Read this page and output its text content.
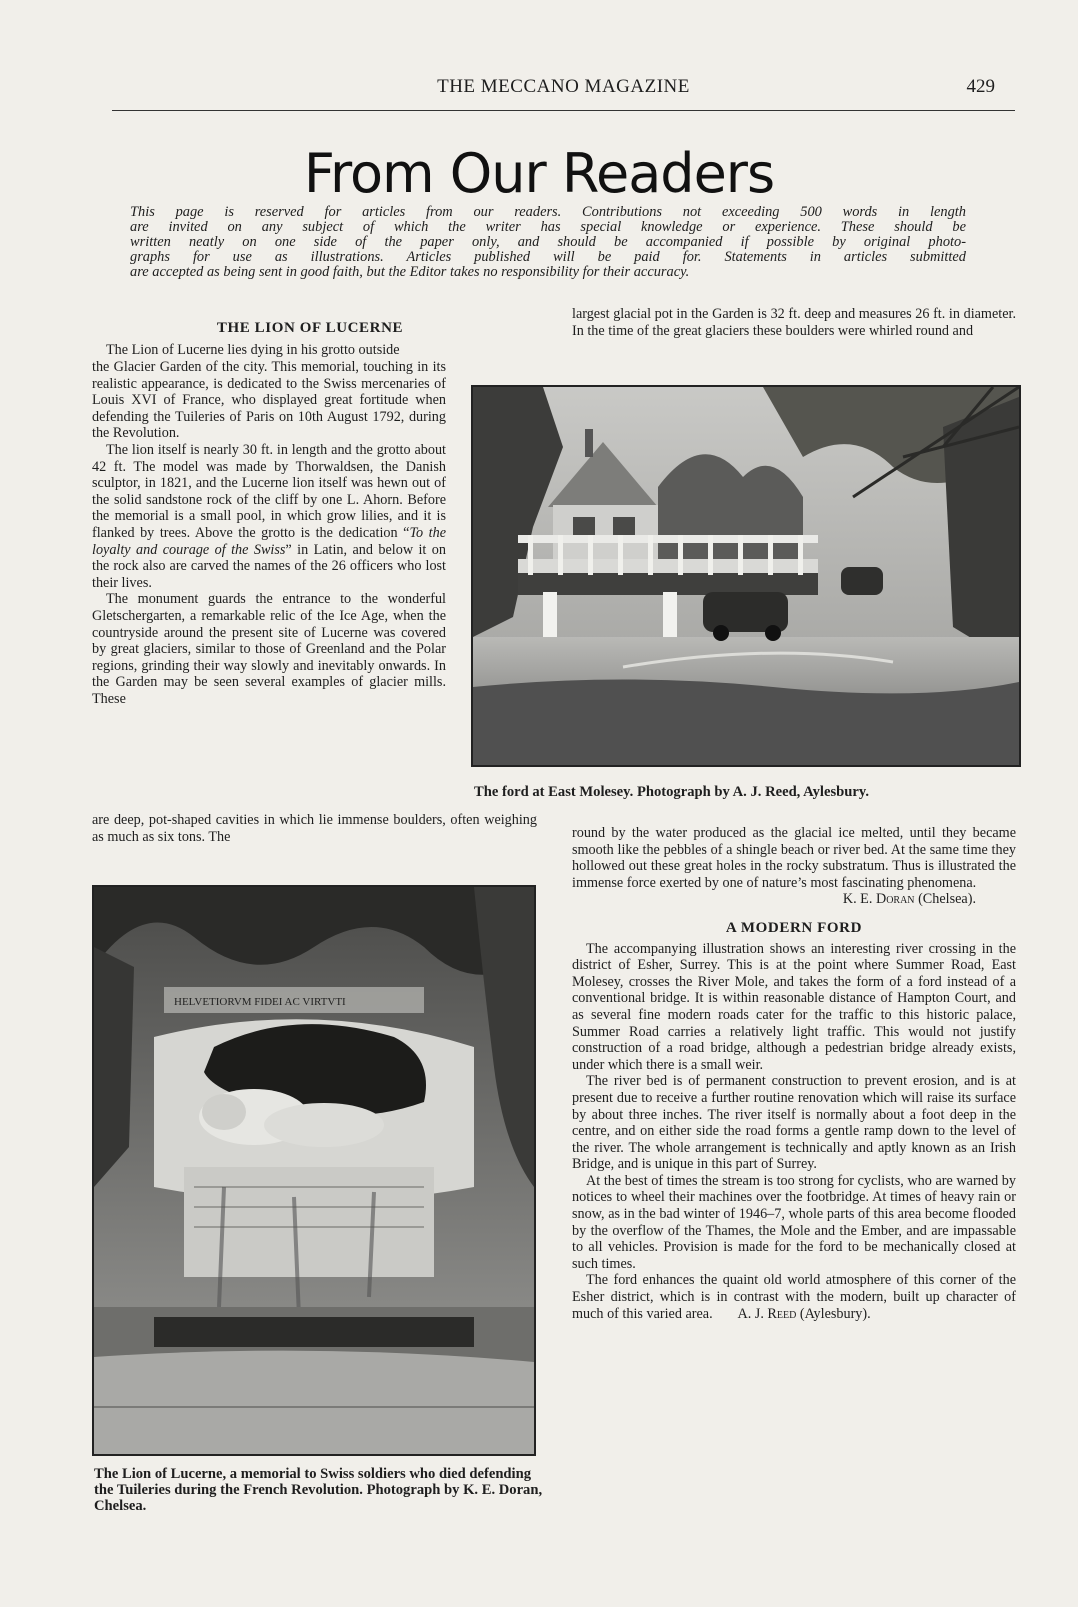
THE MECCANO MAGAZINE	429
From Our Readers
This page is reserved for articles from our readers. Contributions not exceeding 500 words in length
are invited on any subject of which the writer has special knowledge or experience. These should be
written neatly on one side of the paper only, and should be accompanied if possible by original photo-
graphs for use as illustrations. Articles published will be paid for. Statements in articles submitted
are accepted as being sent in good faith, but the Editor takes no responsibility for their accuracy.
THE LION OF LUCERNE

The Lion of Lucerne lies dying in his grotto outside

the Glacier Garden of the city. This memorial, touching in its realistic appearance, is dedicated to the Swiss mercenaries of Louis XVI of France, who displayed great fortitude when defending the Tuileries of Paris on 10th August 1792, during the Revolution.

The lion itself is nearly 30 ft. in length and the grotto about 42 ft. The model was made by Thorwaldsen, the Danish sculptor, in 1821, and the Lucerne lion itself was hewn out of the solid sandstone rock of the cliff by one L. Ahorn. Before the memorial is a small pool, in which grow lilies, and it is flanked by trees. Above the grotto is the dedication “To the loyalty and courage of the Swiss” in Latin, and below it on the rock also are carved the names of the 26 officers who lost their lives.

The monument guards the entrance to the wonderful Gletschergarten, a remarkable relic of the Ice Age, when the countryside around the present site of Lucerne was covered by great glaciers, similar to those of Greenland and the Polar regions, grinding their way slowly and inevitably onwards. In the Garden may be seen several examples of glacier mills. These

are deep, pot-shaped cavities in which lie immense boulders, often weighing as much as six tons. The

largest glacial pot in the Garden is 32 ft. deep and measures 26 ft. in diameter. In the time of the great glaciers these boulders were whirled round and

The ford at East Molesey. Photograph by A. J. Reed, Aylesbury.

round by the water produced as the glacial ice melted, until they became smooth like the pebbles of a shingle beach or river bed. At the same time they hollowed out these great holes in the rocky substratum. Thus is illustrated the immense force exerted by one of nature’s most fascinating phenomena.

K. E. Doran (Chelsea).
A MODERN FORD

The accompanying illustration shows an interesting river crossing in the district of Esher, Surrey. This is at the point where Summer Road, East Molesey, crosses the River Mole, and takes the form of a ford instead of a conventional bridge. It is within reasonable distance of Hampton Court, and as several fine modern roads cater for the traffic to this historic palace, Summer Road carries a relatively light traffic. This would not justify construction of a road bridge, although a pedestrian bridge already exists, under which there is a small weir.

The river bed is of permanent construction to prevent erosion, and is at present due to receive a further routine renovation which will raise its surface by about three inches. The river itself is normally about a foot deep in the centre, and on either side the road forms a gentle ramp down to the level of the river. The whole arrangement is technically and aptly known as an Irish Bridge, and is unique in this part of Surrey.

At the best of times the stream is too strong for cyclists, who are warned by notices to wheel their machines over the footbridge. At times of heavy rain or snow, as in the bad winter of 1946–7, whole parts of this area become flooded by the overflow of the Thames, the Mole and the Ember, and are impassable to all vehicles. Provision is made for the ford to be mechanically closed at such times.

The ford enhances the quaint old world atmosphere of this corner of the Esher district, which is in contrast with the modern, built up character of much of this varied area. A. J. Reed (Aylesbury).

HELVETIORVM FIDEI AC VIRTVTI
The Lion of Lucerne, a memorial to Swiss soldiers who died defending the Tuileries during the French Revolution. Photograph by K. E. Doran, Chelsea.
